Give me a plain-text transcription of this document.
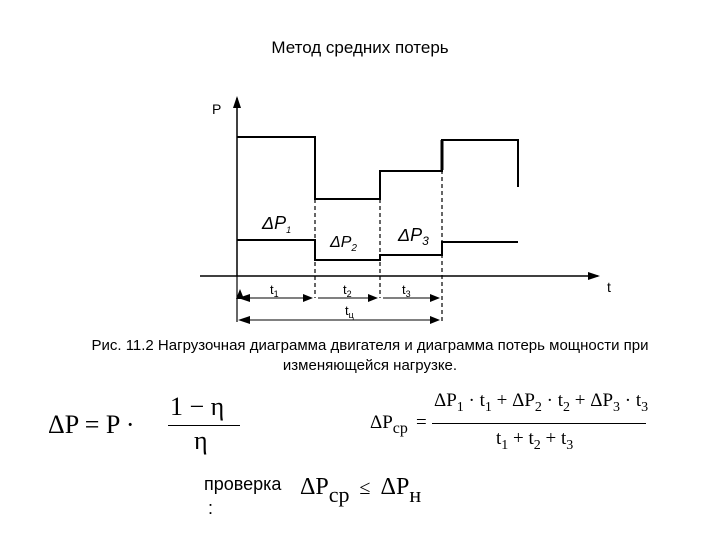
Метод средних потерь
P
t
$t_1$	$t_2$	$t_3$
$t_ц$
$\Delta P_1$
$\Delta P_2$
$\Delta P_3$
Рис. 11.2 Нагрузочная диаграмма двигателя и диаграмма потерь мощности при
изменяющейся нагрузке.
ΔP = P ·
1 − η
η
$\Delta P_{ср}$ =
$\Delta P_1 \cdot t_1 + \Delta P_2 \cdot t_2 + \Delta P_3 \cdot t_3$
$t_1 + t_2 + t_3$
проверка
:
ΔPср ≤ ΔPн
